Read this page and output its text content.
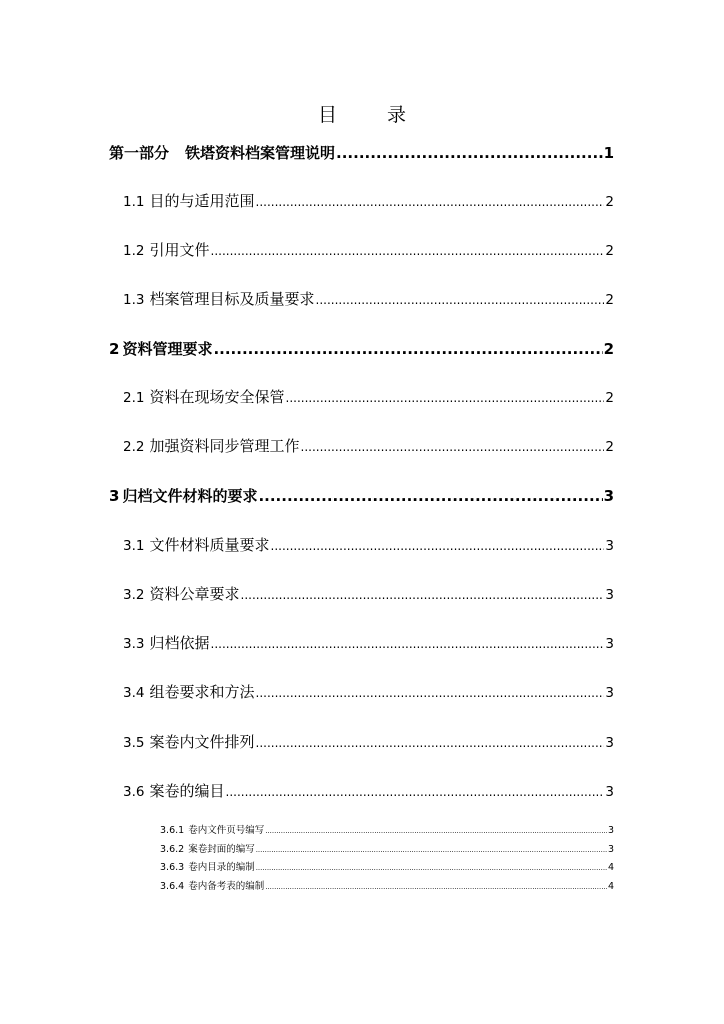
目 录
第一部分 铁塔资料档案管理说明 .....	1
1.1 目的与适用范围 .....	2
1.2 引用文件 .....	2
1.3 档案管理目标及质量要求 .....	2
2 资料管理要求 .....	2
2.1 资料在现场安全保管 .....	2
2.2 加强资料同步管理工作 .....	2
3 归档文件材料的要求 .....	3
3.1 文件材料质量要求 .....	3
3.2 资料公章要求 .....	3
3.3 归档依据 .....	3
3.4 组卷要求和方法 .....	3
3.5 案卷内文件排列 .....	3
3.6 案卷的编目 .....	3
3.6.1 卷内文件页号编写 .....	3
3.6.2 案卷封面的编写 .....	3
3.6.3 卷内目录的编制 .....	4
3.6.4 卷内备考表的编制 .....	4
